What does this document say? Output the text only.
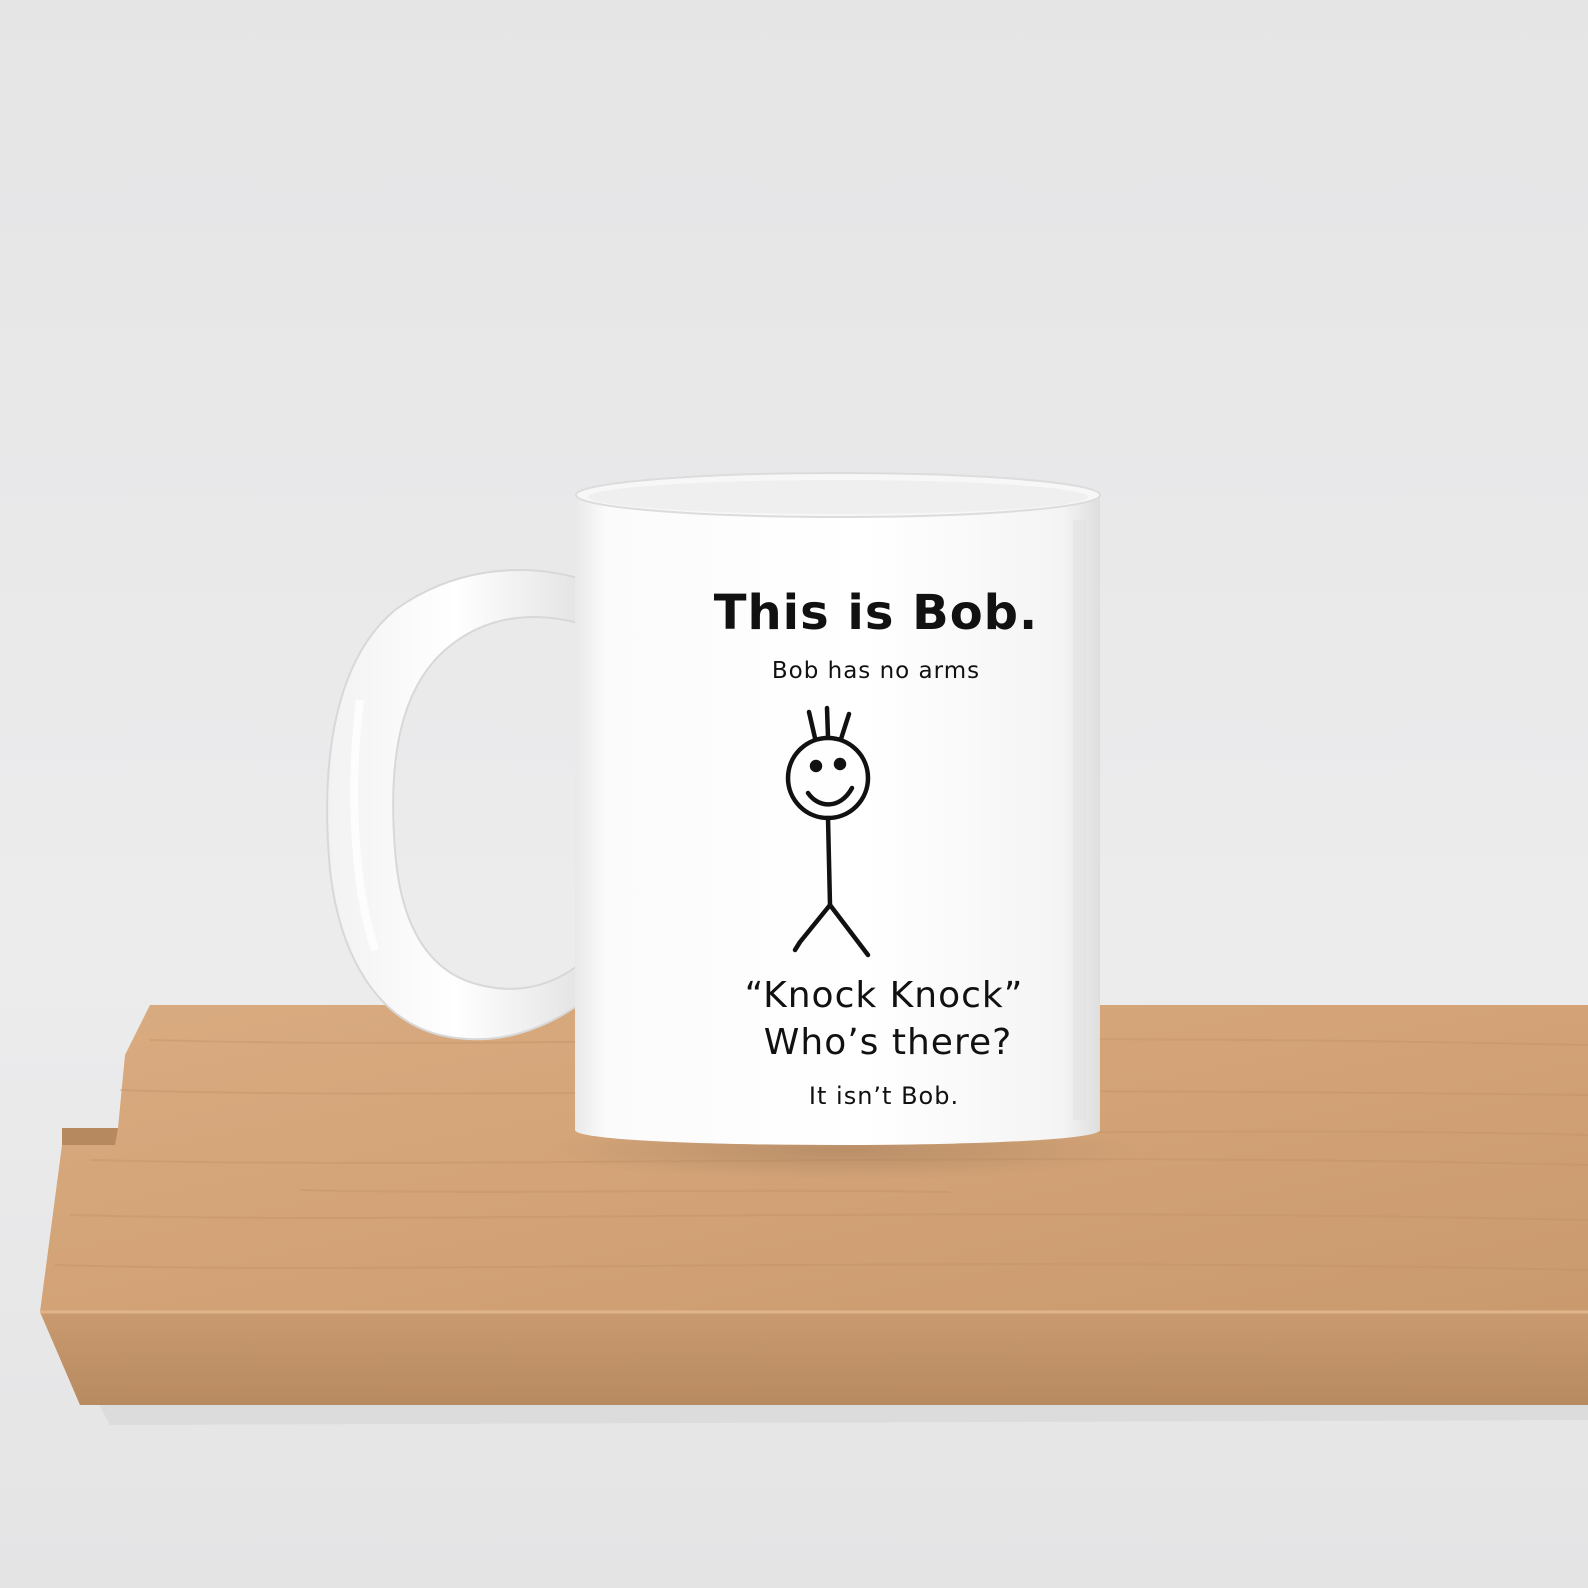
This is Bob.
Bob has no arms
“Knock Knock”
Who’s there?
It isn’t Bob.
